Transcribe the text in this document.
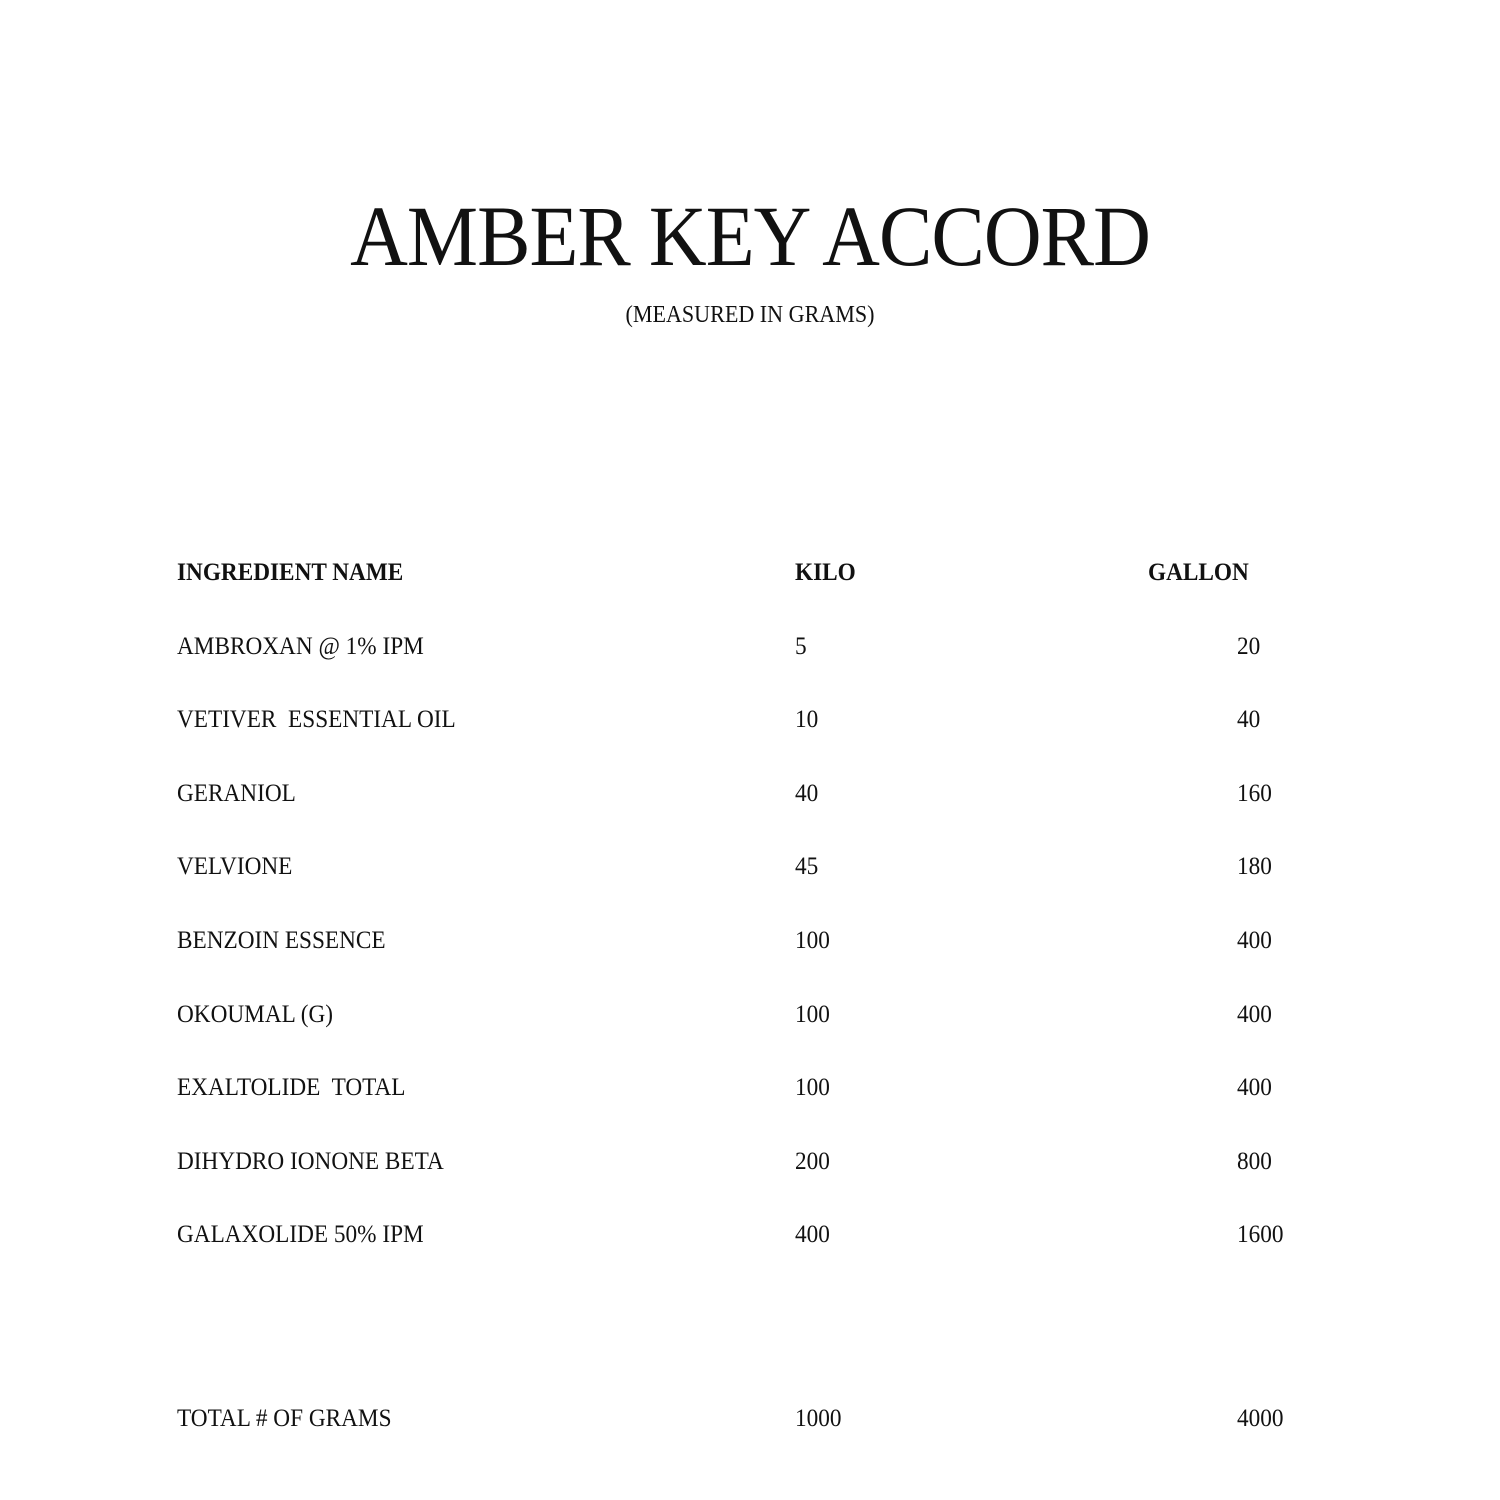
AMBER KEY ACCORD
(MEASURED IN GRAMS)
INGREDIENT NAME	KILO	GALLON
AMBROXAN @ 1% IPM	5	20
VETIVER  ESSENTIAL OIL	10	40
GERANIOL	40	160
VELVIONE	45	180
BENZOIN ESSENCE	100	400
OKOUMAL (G)	100	400
EXALTOLIDE  TOTAL	100	400
DIHYDRO IONONE BETA	200	800
GALAXOLIDE 50% IPM	400	1600
TOTAL # OF GRAMS	1000	4000
